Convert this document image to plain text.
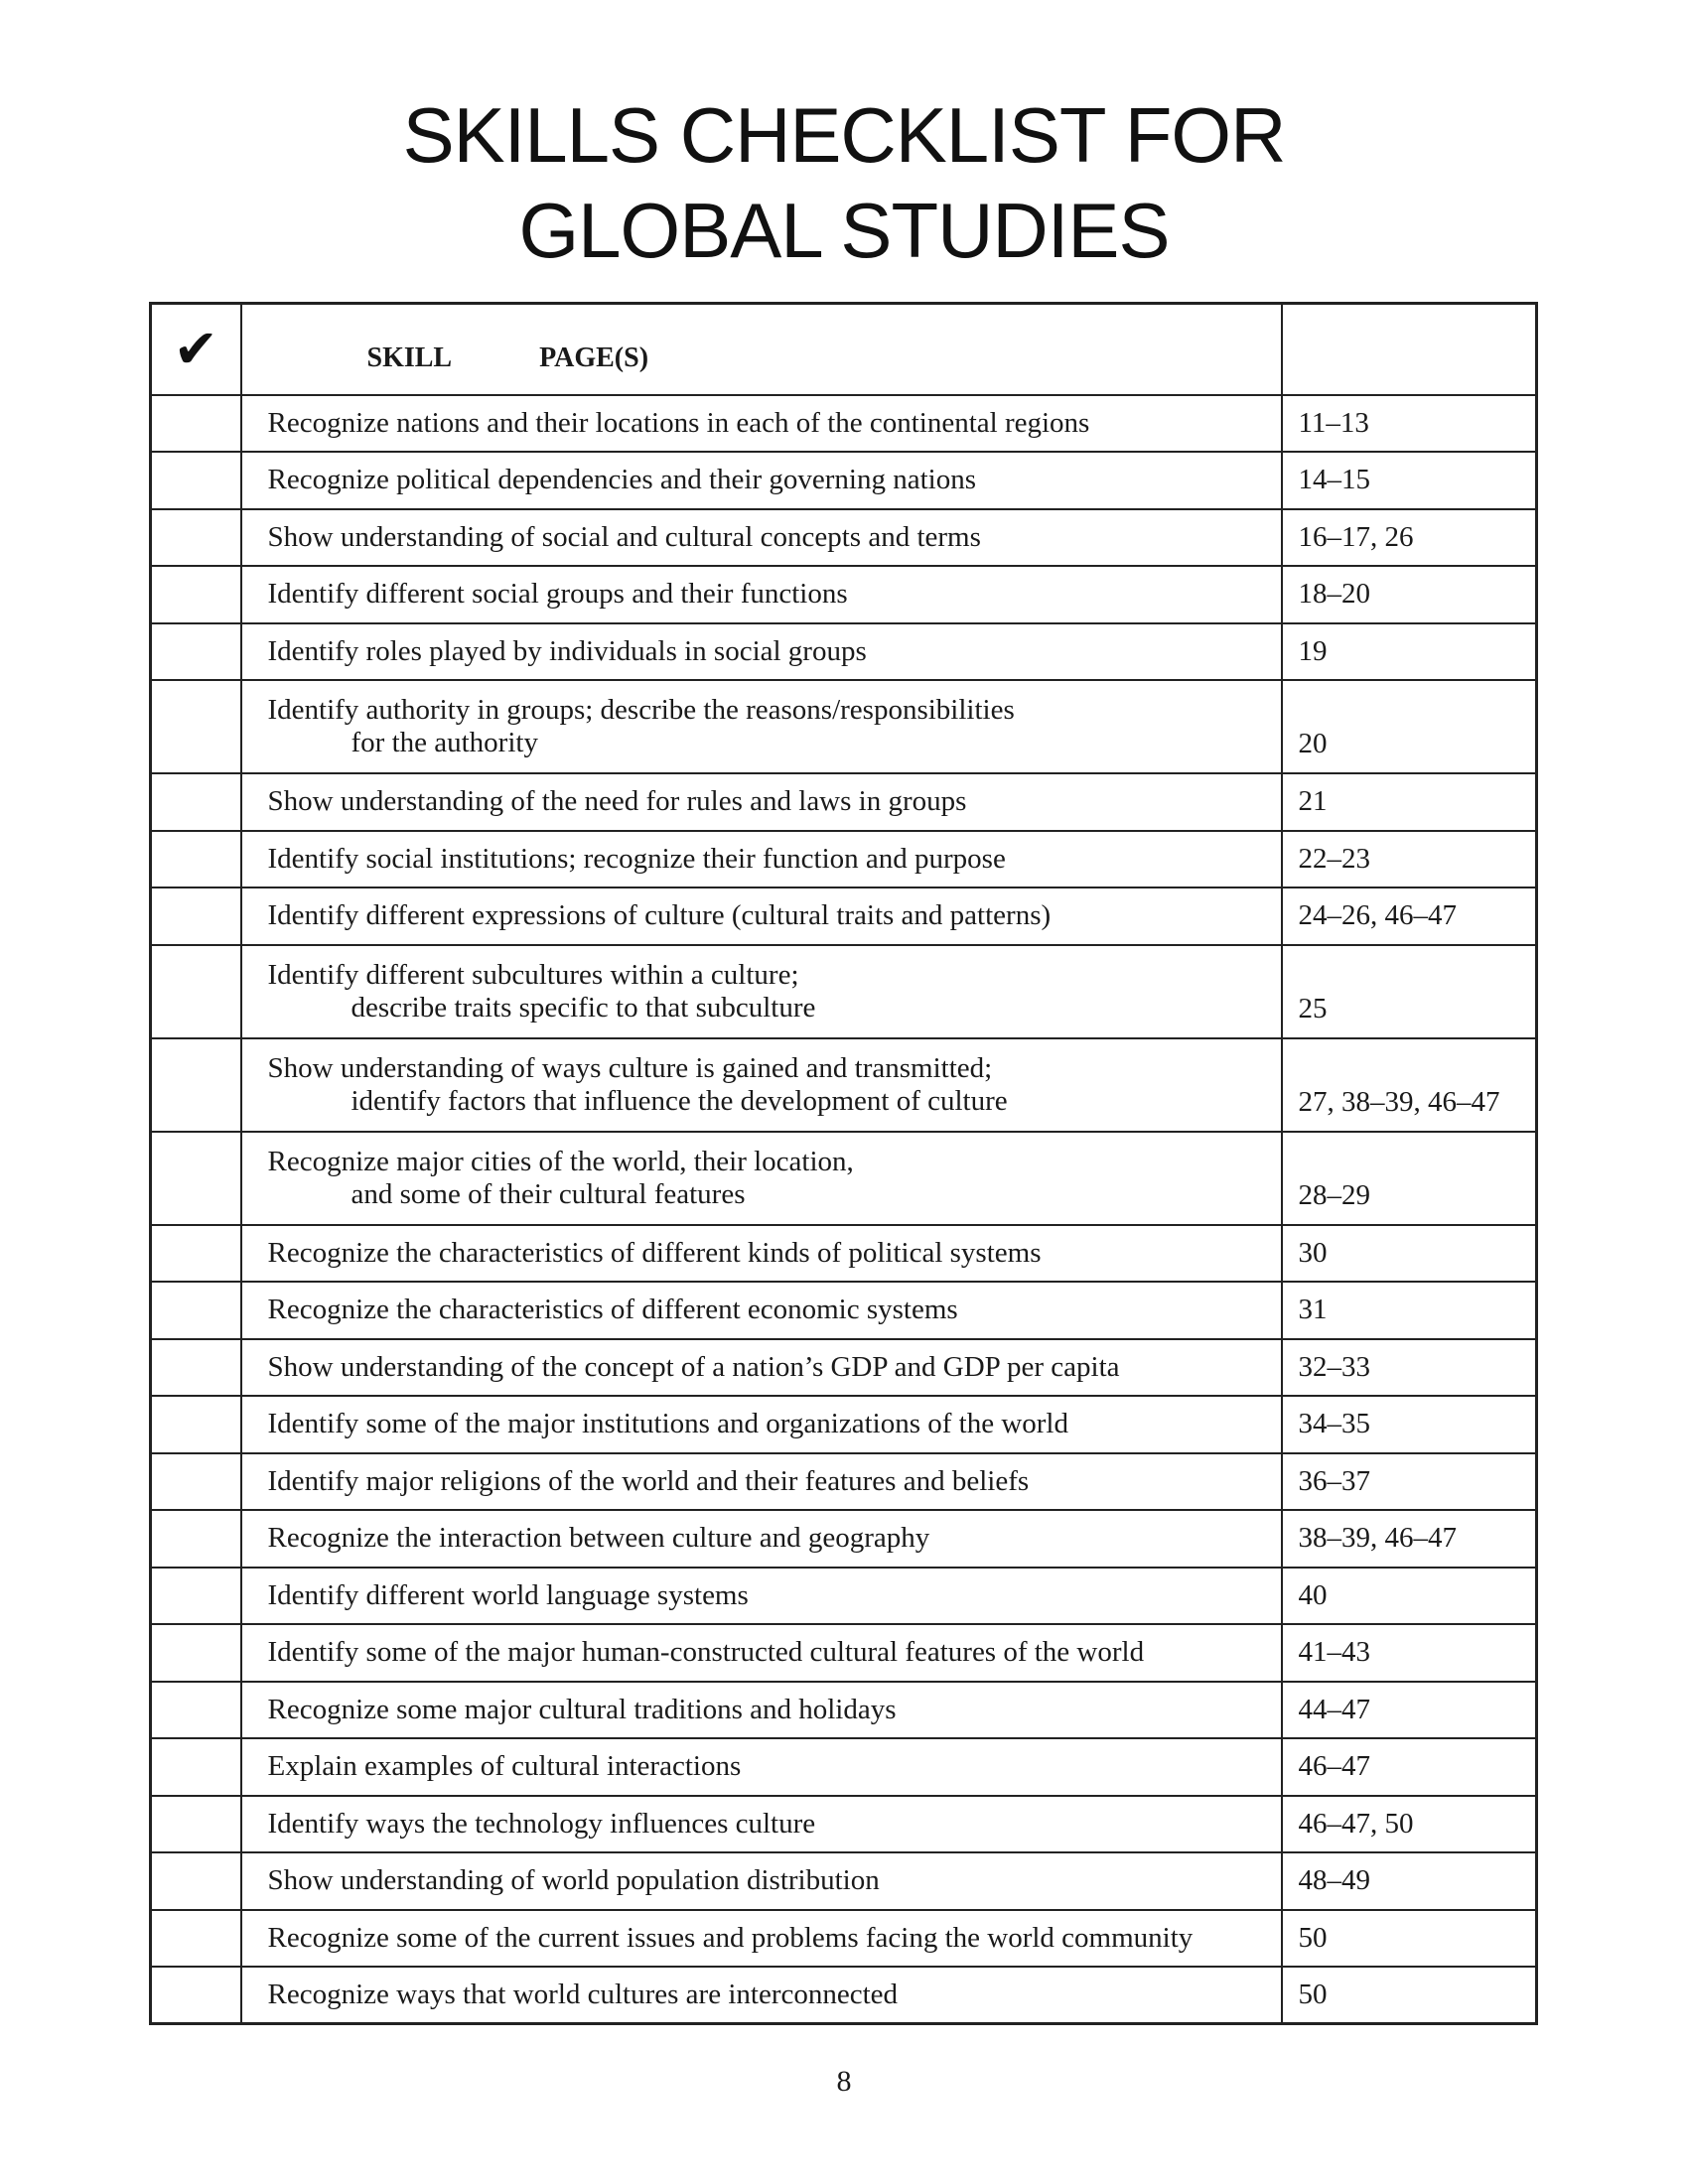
SKILLS CHECKLIST FOR
GLOBAL STUDIES
✔	SKILL PAGE(S)	
	Recognize nations and their locations in each of the continental regions	11–13
	Recognize political dependencies and their governing nations	14–15
	Show understanding of social and cultural concepts and terms	16–17, 26
	Identify different social groups and their functions	18–20
	Identify roles played by individuals in social groups	19
	Identify authority in groups; describe the reasons/responsibilities
for the authority	20
	Show understanding of the need for rules and laws in groups	21
	Identify social institutions; recognize their function and purpose	22–23
	Identify different expressions of culture (cultural traits and patterns)	24–26, 46–47
	Identify different subcultures within a culture;
describe traits specific to that subculture	25
	Show understanding of ways culture is gained and transmitted;
identify factors that influence the development of culture	27, 38–39, 46–47
	Recognize major cities of the world, their location,
and some of their cultural features	28–29
	Recognize the characteristics of different kinds of political systems	30
	Recognize the characteristics of different economic systems	31
	Show understanding of the concept of a nation’s GDP and GDP per capita	32–33
	Identify some of the major institutions and organizations of the world	34–35
	Identify major religions of the world and their features and beliefs	36–37
	Recognize the interaction between culture and geography	38–39, 46–47
	Identify different world language systems	40
	Identify some of the major human-constructed cultural features of the world	41–43
	Recognize some major cultural traditions and holidays	44–47
	Explain examples of cultural interactions	46–47
	Identify ways the technology influences culture	46–47, 50
	Show understanding of world population distribution	48–49
	Recognize some of the current issues and problems facing the world community	50
	Recognize ways that world cultures are interconnected	50
8
